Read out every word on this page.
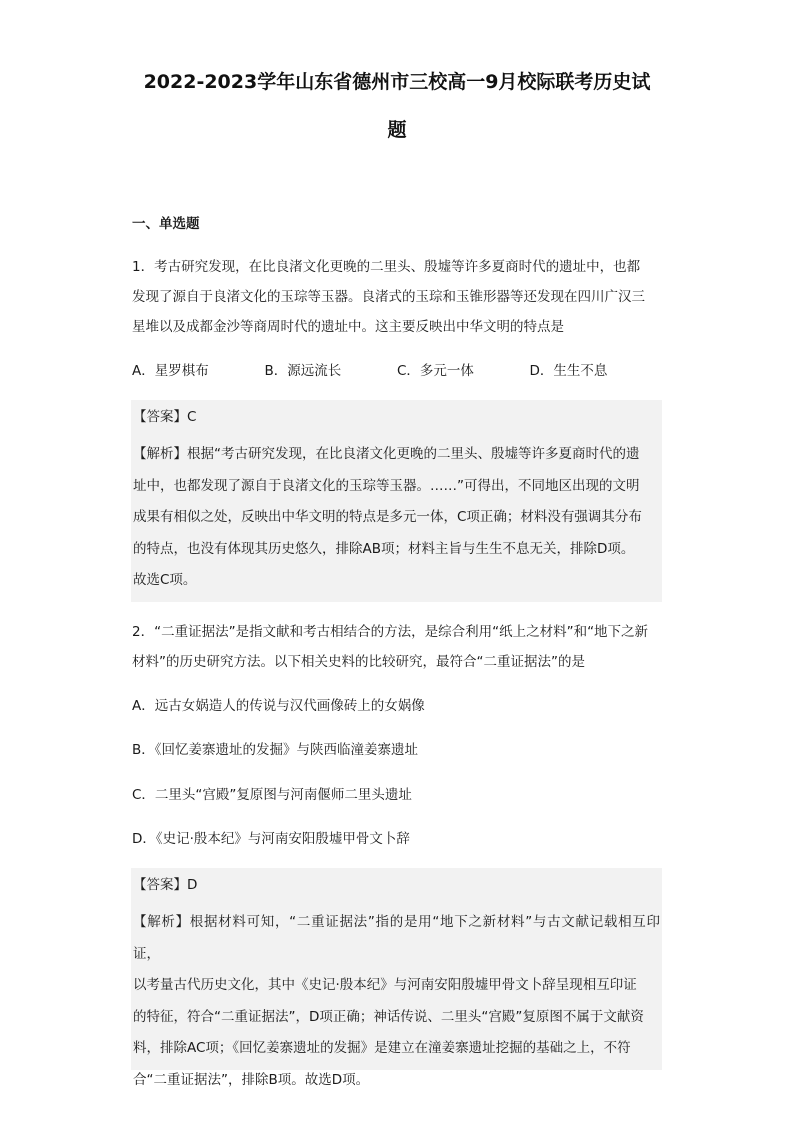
2022-2023学年山东省德州市三校高一9月校际联考历史试
题
一、单选题

1．考古研究发现，在比良渚文化更晚的二里头、殷墟等许多夏商时代的遗址中，也都

发现了源自于良渚文化的玉琮等玉器。良渚式的玉琮和玉锥形器等还发现在四川广汉三

星堆以及成都金沙等商周时代的遗址中。这主要反映出中华文明的特点是

A．星罗棋布	B．源远流长	C．多元一体	D．生生不息
【答案】C

【解析】根据“考古研究发现，在比良渚文化更晚的二里头、殷墟等许多夏商时代的遗

址中，也都发现了源自于良渚文化的玉琮等玉器。……”可得出，不同地区出现的文明

成果有相似之处，反映出中华文明的特点是多元一体，C项正确；材料没有强调其分布

的特点，也没有体现其历史悠久，排除AB项；材料主旨与生生不息无关，排除D项。

故选C项。

2．“二重证据法”是指文献和考古相结合的方法，是综合利用“纸上之材料”和“地下之新

材料”的历史研究方法。以下相关史料的比较研究，最符合“二重证据法”的是

A．远古女娲造人的传说与汉代画像砖上的女娲像
B．《回忆姜寨遗址的发掘》与陕西临潼姜寨遗址
C．二里头“宫殿”复原图与河南偃师二里头遗址
D．《史记·殷本纪》与河南安阳殷墟甲骨文卜辞
【答案】D

【解析】根据材料可知，“二重证据法”指的是用“地下之新材料”与古文献记载相互印证，

以考量古代历史文化，其中《史记·殷本纪》与河南安阳殷墟甲骨文卜辞呈现相互印证

的特征，符合“二重证据法”，D项正确；神话传说、二里头“宫殿”复原图不属于文献资

料，排除AC项；《回忆姜寨遗址的发掘》是建立在潼姜寨遗址挖掘的基础之上，不符

合“二重证据法”，排除B项。故选D项。
